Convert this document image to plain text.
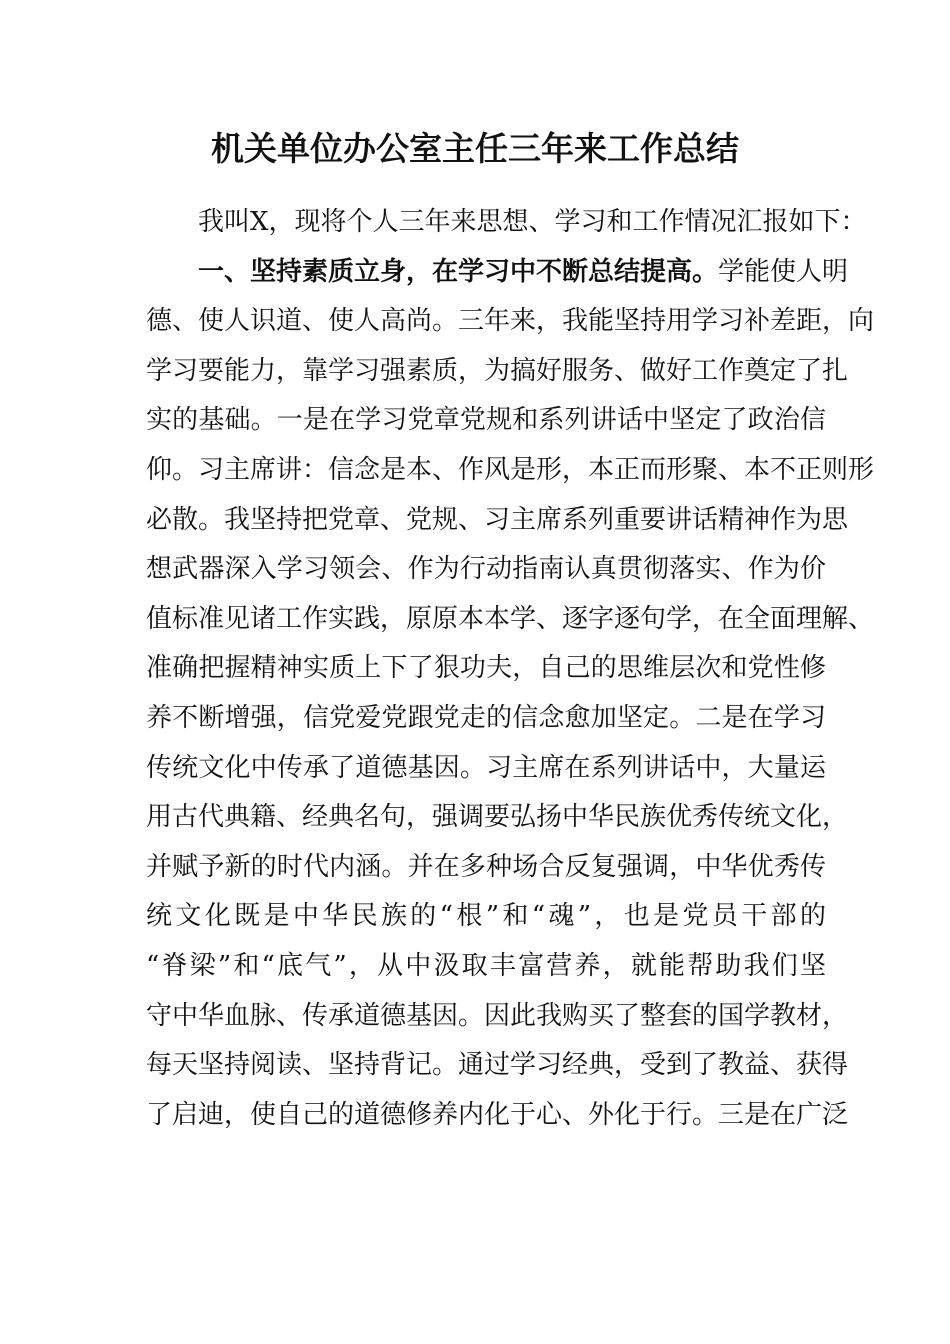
机关单位办公室主任三年来工作总结
我叫X，现将个人三年来思想、学习和工作情况汇报如下：
一、坚持素质立身，在学习中不断总结提高。学能使人明
德、使人识道、使人高尚。三年来，我能坚持用学习补差距，向
学习要能力，靠学习强素质，为搞好服务、做好工作奠定了扎
实的基础。一是在学习党章党规和系列讲话中坚定了政治信
仰。习主席讲：信念是本、作风是形，本正而形聚、本不正则形
必散。我坚持把党章、党规、习主席系列重要讲话精神作为思
想武器深入学习领会、作为行动指南认真贯彻落实、作为价
值标准见诸工作实践，原原本本学、逐字逐句学，在全面理解、
准确把握精神实质上下了狠功夫，自己的思维层次和党性修
养不断增强，信党爱党跟党走的信念愈加坚定。二是在学习
传统文化中传承了道德基因。习主席在系列讲话中，大量运
用古代典籍、经典名句，强调要弘扬中华民族优秀传统文化，
并赋予新的时代内涵。并在多种场合反复强调，中华优秀传
统文化既是中华民族的“根”和“魂”，也是党员干部的
“脊梁”和“底气”，从中汲取丰富营养，就能帮助我们坚
守中华血脉、传承道德基因。因此我购买了整套的国学教材，
每天坚持阅读、坚持背记。通过学习经典，受到了教益、获得
了启迪，使自己的道德修养内化于心、外化于行。三是在广泛
